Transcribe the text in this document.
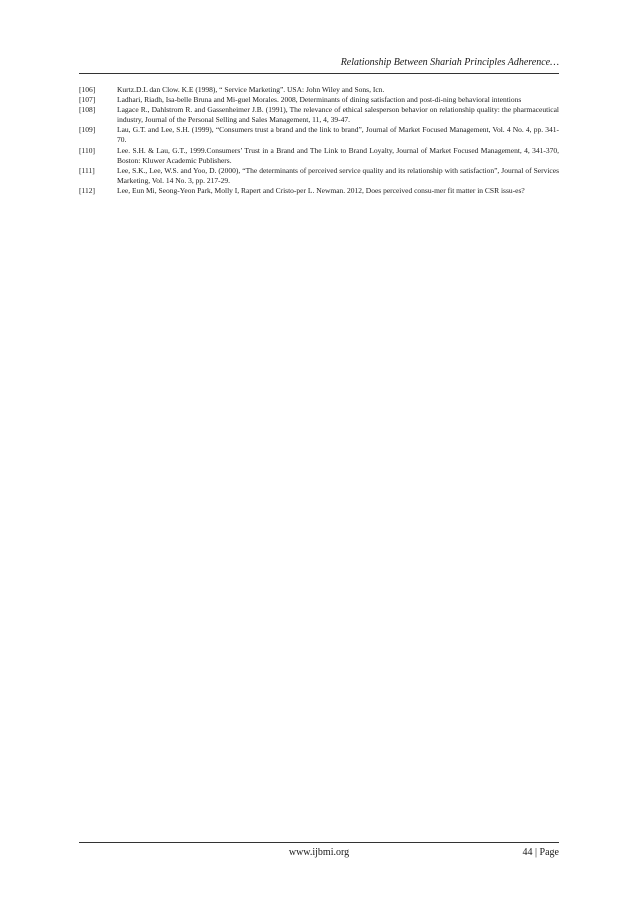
Relationship Between Shariah Principles Adherence…
[106]	Kurtz.D.L dan Clow. K.E (1998), “ Service Marketing”. USA: John Wiley and Sons, Icn.
[107]	Ladhari, Riadh, Isa-belle Bruna and Mi-guel Morales. 2008, Determinants of dining satisfaction and post-di-ning behavioral intentions
[108]	Lagace R., Dahlstrom R. and Gassenheimer J.B. (1991), The relevance of ethical salesperson behavior on relationship quality: the pharmaceutical industry, Journal of the Personal Selling and Sales Management, 11, 4, 39-47.
[109]	Lau, G.T. and Lee, S.H. (1999), “Consumers trust a brand and the link to brand”, Journal of Market Focused Management, Vol. 4 No. 4, pp. 341-70.
[110]	Lee. S.H. & Lau, G.T., 1999.Consumers’ Trust in a Brand and The Link to Brand Loyalty, Journal of Market Focused Management, 4, 341-370, Boston: Kluwer Academic Publishers.
[111]	Lee, S.K., Lee, W.S. and Yoo, D. (2000), “The determinants of perceived service quality and its relationship with satisfaction”, Journal of Services Marketing, Vol. 14 No. 3, pp. 217-29.
[112]	Lee, Eun Mi, Seong-Yeon Park, Molly I, Rapert and Cristo-per L. Newman. 2012, Does perceived consu-mer fit matter in CSR issu-es?
www.ijbmi.org	44 | Page
